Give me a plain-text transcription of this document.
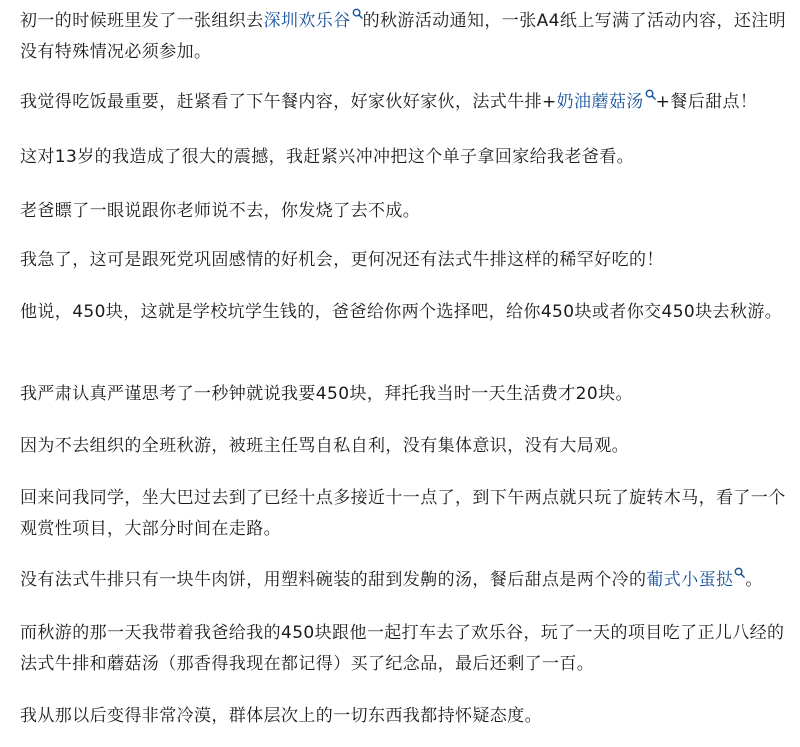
初一的时候班里发了一张组织去深圳欢乐谷 的秋游活动通知，一张A4纸上写满了活动内容，还注明没有特殊情况必须参加。

我觉得吃饭最重要，赶紧看了下午餐内容，好家伙好家伙，法式牛排+奶油蘑菇汤 +餐后甜点！

这对13岁的我造成了很大的震撼，我赶紧兴冲冲把这个单子拿回家给我老爸看。

老爸瞟了一眼说跟你老师说不去，你发烧了去不成。

我急了，这可是跟死党巩固感情的好机会，更何况还有法式牛排这样的稀罕好吃的！

他说，450块，这就是学校坑学生钱的，爸爸给你两个选择吧，给你450块或者你交450块去秋游。

我严肃认真严谨思考了一秒钟就说我要450块，拜托我当时一天生活费才20块。

因为不去组织的全班秋游，被班主任骂自私自利，没有集体意识，没有大局观。

回来问我同学，坐大巴过去到了已经十点多接近十一点了，到下午两点就只玩了旋转木马，看了一个观赏性项目，大部分时间在走路。

没有法式牛排只有一块牛肉饼，用塑料碗装的甜到发齁的汤，餐后甜点是两个冷的葡式小蛋挞 。

而秋游的那一天我带着我爸给我的450块跟他一起打车去了欢乐谷，玩了一天的项目吃了正儿八经的法式牛排和蘑菇汤（那香得我现在都记得）买了纪念品，最后还剩了一百。

我从那以后变得非常冷漠，群体层次上的一切东西我都持怀疑态度。
